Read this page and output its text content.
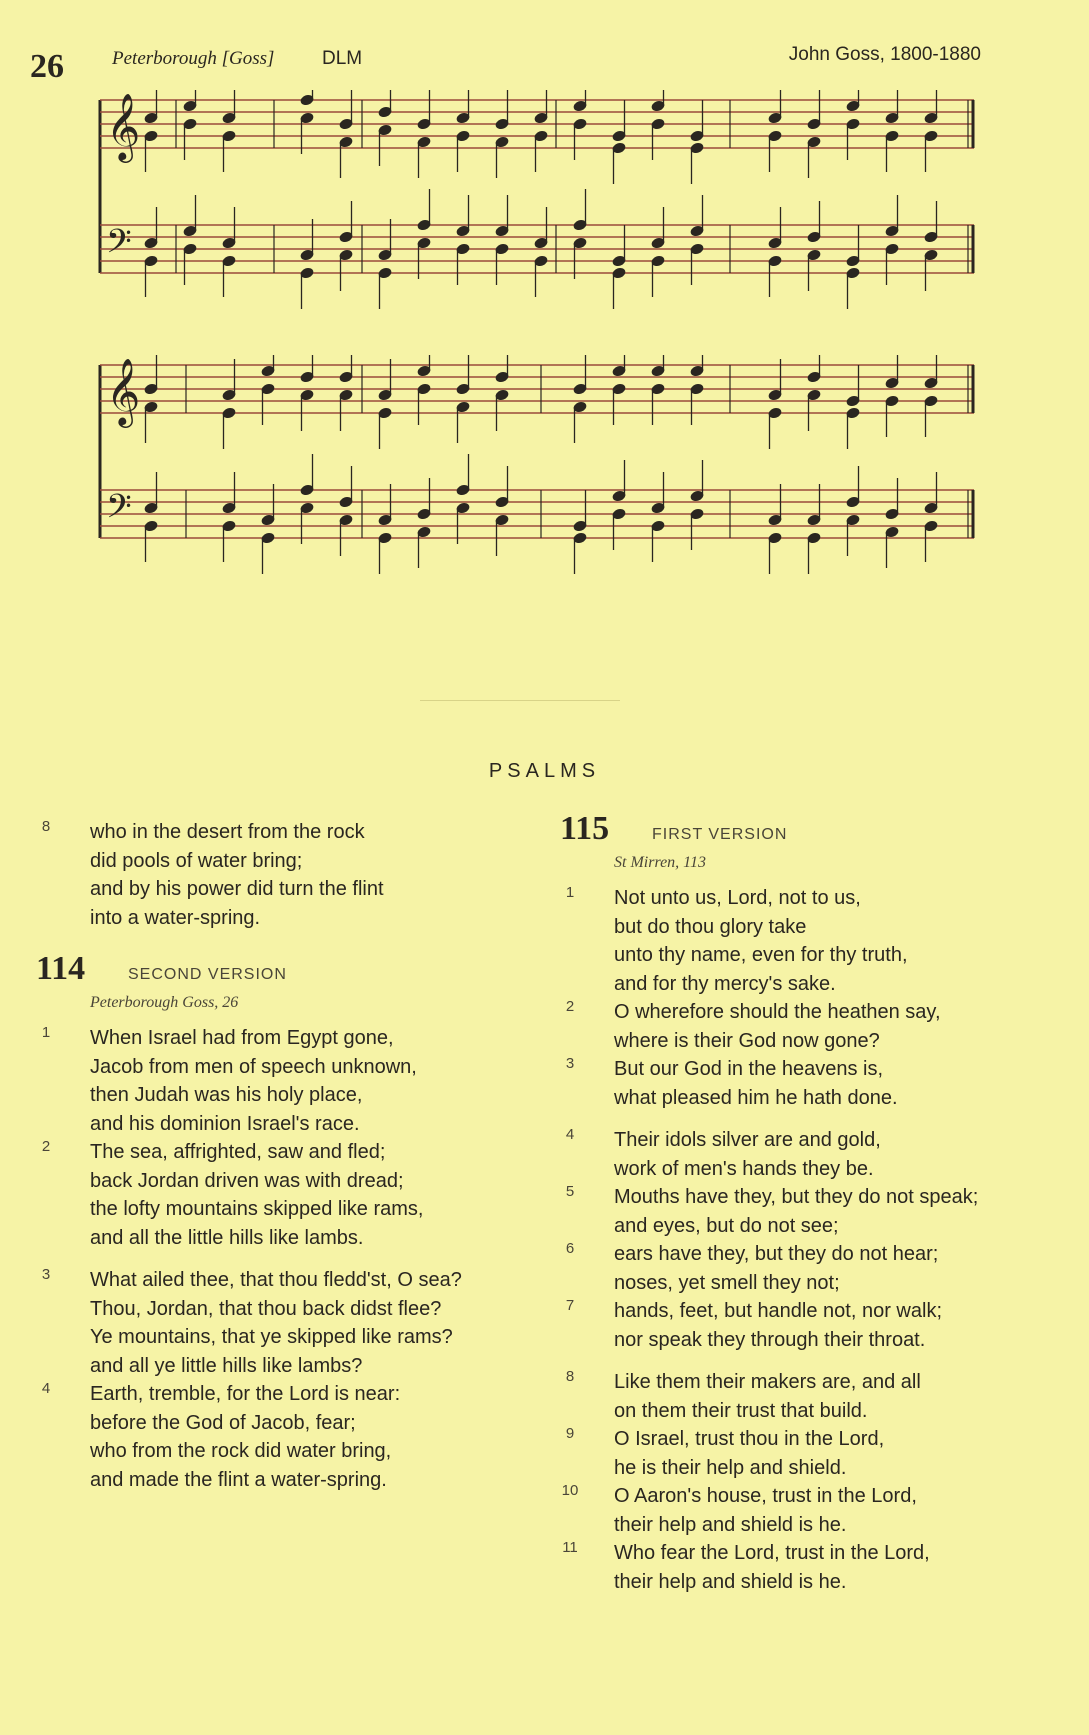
26	Peterborough [Goss]	DLM	John Goss, 1800-1880
𝄞
𝄢
𝄞
𝄢
PSALMS
8 who in the desert from the rock
did pools of water bring;
and by his power did turn the flint
into a water-spring.
114	SECOND VERSION
Peterborough Goss, 26
1 When Israel had from Egypt gone,
Jacob from men of speech unknown,
then Judah was his holy place,
and his dominion Israel's race.
2 The sea, affrighted, saw and fled;
back Jordan driven was with dread;
the lofty mountains skipped like rams,
and all the little hills like lambs.
3 What ailed thee, that thou fledd'st, O sea?
Thou, Jordan, that thou back didst flee?
Ye mountains, that ye skipped like rams?
and all ye little hills like lambs?
4 Earth, tremble, for the Lord is near:
before the God of Jacob, fear;
who from the rock did water bring,
and made the flint a water-spring.
115	FIRST VERSION
St Mirren, 113
1 Not unto us, Lord, not to us,
but do thou glory take
unto thy name, even for thy truth,
and for thy mercy's sake.
2 O wherefore should the heathen say,
where is their God now gone?
3 But our God in the heavens is,
what pleased him he hath done.
4 Their idols silver are and gold,
work of men's hands they be.
5 Mouths have they, but they do not speak;
and eyes, but do not see;
6 ears have they, but they do not hear;
noses, yet smell they not;
7 hands, feet, but handle not, nor walk;
nor speak they through their throat.
8 Like them their makers are, and all
on them their trust that build.
9 O Israel, trust thou in the Lord,
he is their help and shield.
10 O Aaron's house, trust in the Lord,
their help and shield is he.
11 Who fear the Lord, trust in the Lord,
their help and shield is he.
